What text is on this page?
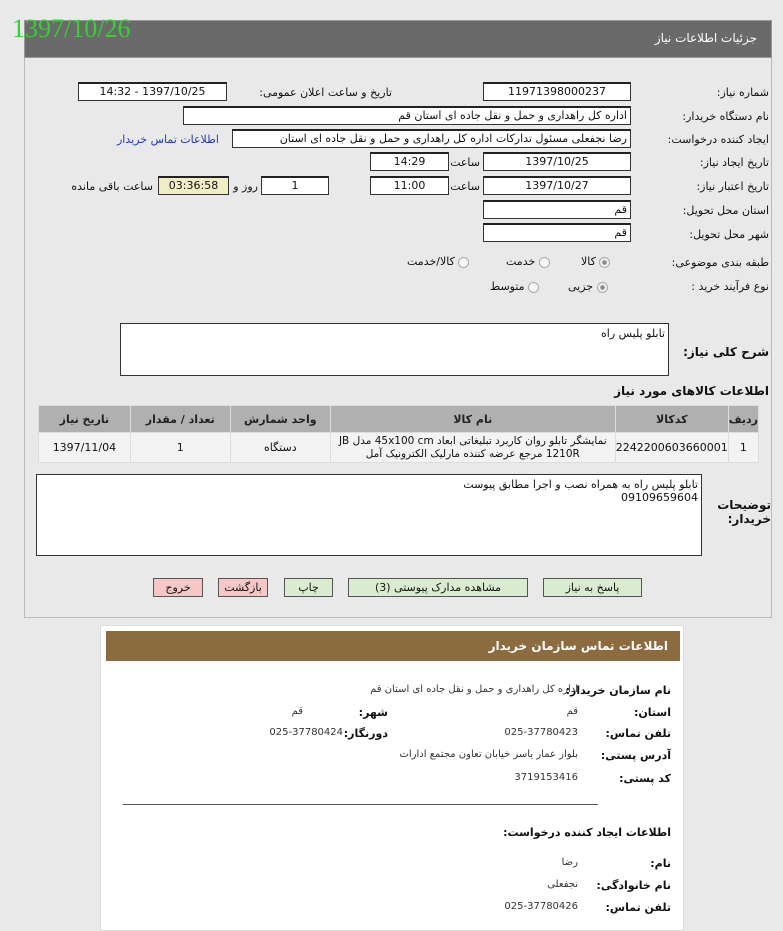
جزئیات اطلاعات نیاز
1397/10/26
شماره نیاز:
11971398000237
تاریخ و ساعت اعلان عمومی:
1397/10/25 - 14:32
نام دستگاه خریدار:
اداره کل راهداری و حمل و نقل جاده ای استان قم
ایجاد کننده درخواست:
رضا نجفعلی مسئول تدارکات اداره کل راهداری و حمل و نقل جاده ای استان
اطلاعات تماس خریدار
تاریخ ایجاد نیاز:
1397/10/25
ساعت
14:29
تاریخ اعتبار نیاز:
1397/10/27
ساعت
11:00
1
روز و
03:36:58
ساعت باقی مانده
استان محل تحویل:
قم
شهر محل تحویل:
قم
طبقه بندی موضوعی:
کالا
خدمت
کالا/خدمت
نوع فرآیند خرید :
جزیی
متوسط
شرح کلی نیاز:
تابلو پلیس راه
اطلاعات کالاهای مورد نیاز
ردیف	کدکالا	نام کالا	واحد شمارش	تعداد / مقدار	تاریخ نیاز
1	2242200603660001	نمایشگر تابلو روان کاربرد تبلیغاتی ابعاد 45x100 cm مدل JB 1210R مرجع عرضه کننده مارلیک الکترونیک آمل	دستگاه	1	1397/11/04
توضیحات خریدار:
تابلو پلیس راه به همراه نصب و اجرا مطابق پیوست
09109659604
پاسخ به نیاز
مشاهده مدارک پیوستی (3)
چاپ
بازگشت
خروج
اطلاعات تماس سازمان خریدار
نام سازمان خریدار:
اداره کل راهداری و حمل و نقل جاده ای استان قم
استان:
قم
شهر:
قم
تلفن تماس:
025-37780423
دورنگار:
025-37780424
آدرس پستی:
بلوار عمار یاسر خیابان تعاون مجتمع ادارات
کد پستی:
3719153416
اطلاعات ایجاد کننده درخواست:
نام:
رضا
نام خانوادگی:
نجفعلی
تلفن تماس:
025-37780426
